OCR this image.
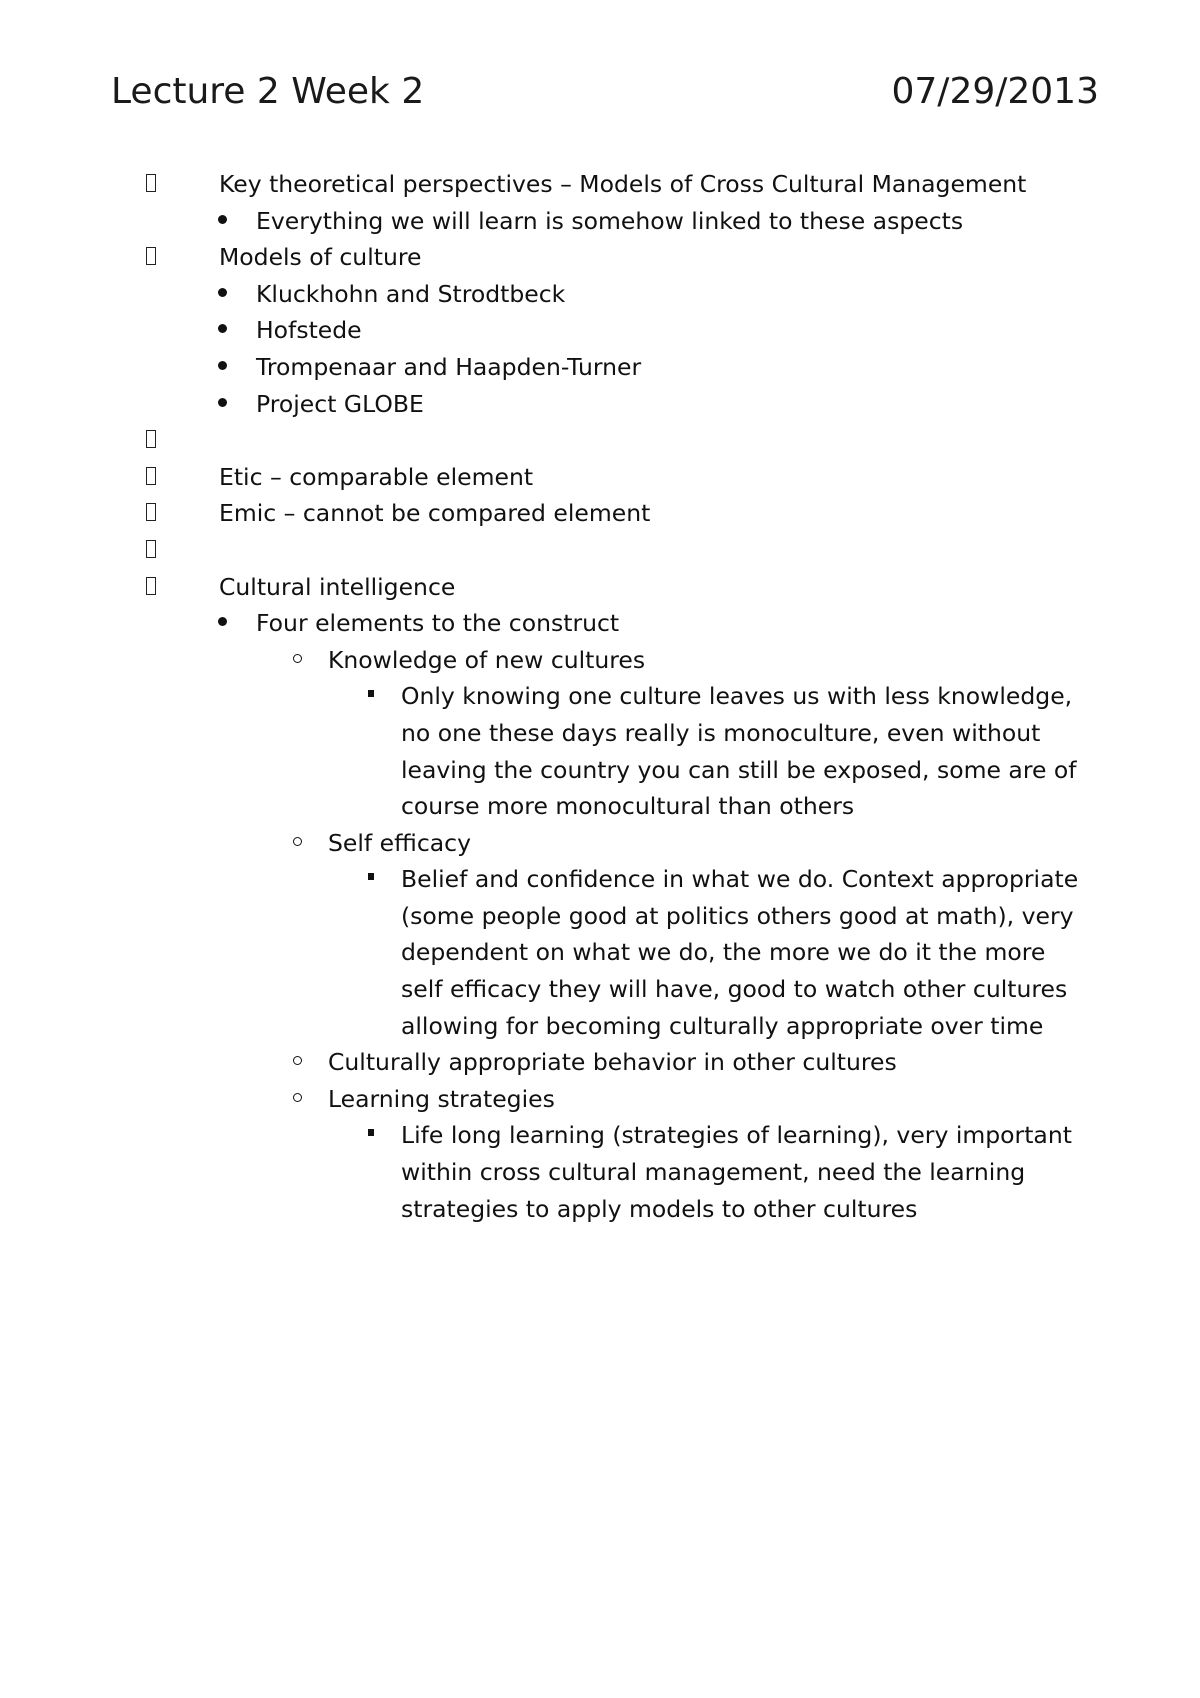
Lecture 2 Week 2	07/29/2013
Key theoretical perspectives – Models of Cross Cultural Management
Everything we will learn is somehow linked to these aspects
Models of culture
Kluckhohn and Strodtbeck
Hofstede
Trompenaar and Haapden-Turner
Project GLOBE
Etic – comparable element
Emic – cannot be compared element
Cultural intelligence
Four elements to the construct
Knowledge of new cultures
Only knowing one culture leaves us with less knowledge, no one these days really is monoculture, even without leaving the country you can still be exposed, some are of course more monocultural than others
Self efficacy
Belief and confidence in what we do. Context appropriate (some people good at politics others good at math), very dependent on what we do, the more we do it the more self efficacy they will have, good to watch other cultures allowing for becoming culturally appropriate over time
Culturally appropriate behavior in other cultures
Learning strategies
Life long learning (strategies of learning), very important within cross cultural management, need the learning strategies to apply models to other cultures
